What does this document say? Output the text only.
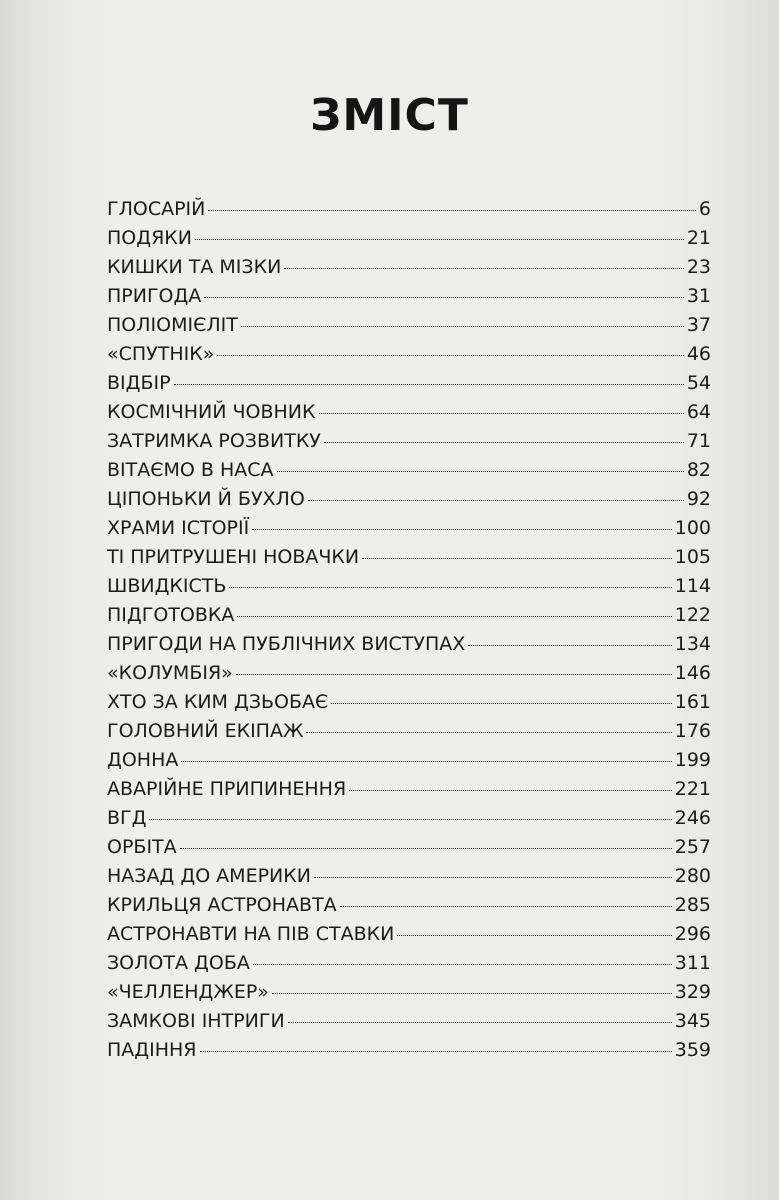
ЗМІСТ
ГЛОСАРІЙ	6
ПОДЯКИ	21
КИШКИ ТА МІЗКИ	23
ПРИГОДА	31
ПОЛІОМІЄЛІТ	37
«СПУТНІК»	46
ВІДБІР	54
КОСМІЧНИЙ ЧОВНИК	64
ЗАТРИМКА РОЗВИТКУ	71
ВІТАЄМО В НАСА	82
ЦІПОНЬКИ Й БУХЛО	92
ХРАМИ ІСТОРІЇ	100
ТІ ПРИТРУШЕНІ НОВАЧКИ	105
ШВИДКІСТЬ	114
ПІДГОТОВКА	122
ПРИГОДИ НА ПУБЛІЧНИХ ВИСТУПАХ	134
«КОЛУМБІЯ»	146
ХТО ЗА КИМ ДЗЬОБАЄ	161
ГОЛОВНИЙ ЕКІПАЖ	176
ДОННА	199
АВАРІЙНЕ ПРИПИНЕННЯ	221
ВГД	246
ОРБІТА	257
НАЗАД ДО АМЕРИКИ	280
КРИЛЬЦЯ АСТРОНАВТА	285
АСТРОНАВТИ НА ПІВ СТАВКИ	296
ЗОЛОТА ДОБА	311
«ЧЕЛЛЕНДЖЕР»	329
ЗАМКОВІ ІНТРИГИ	345
ПАДІННЯ	359
